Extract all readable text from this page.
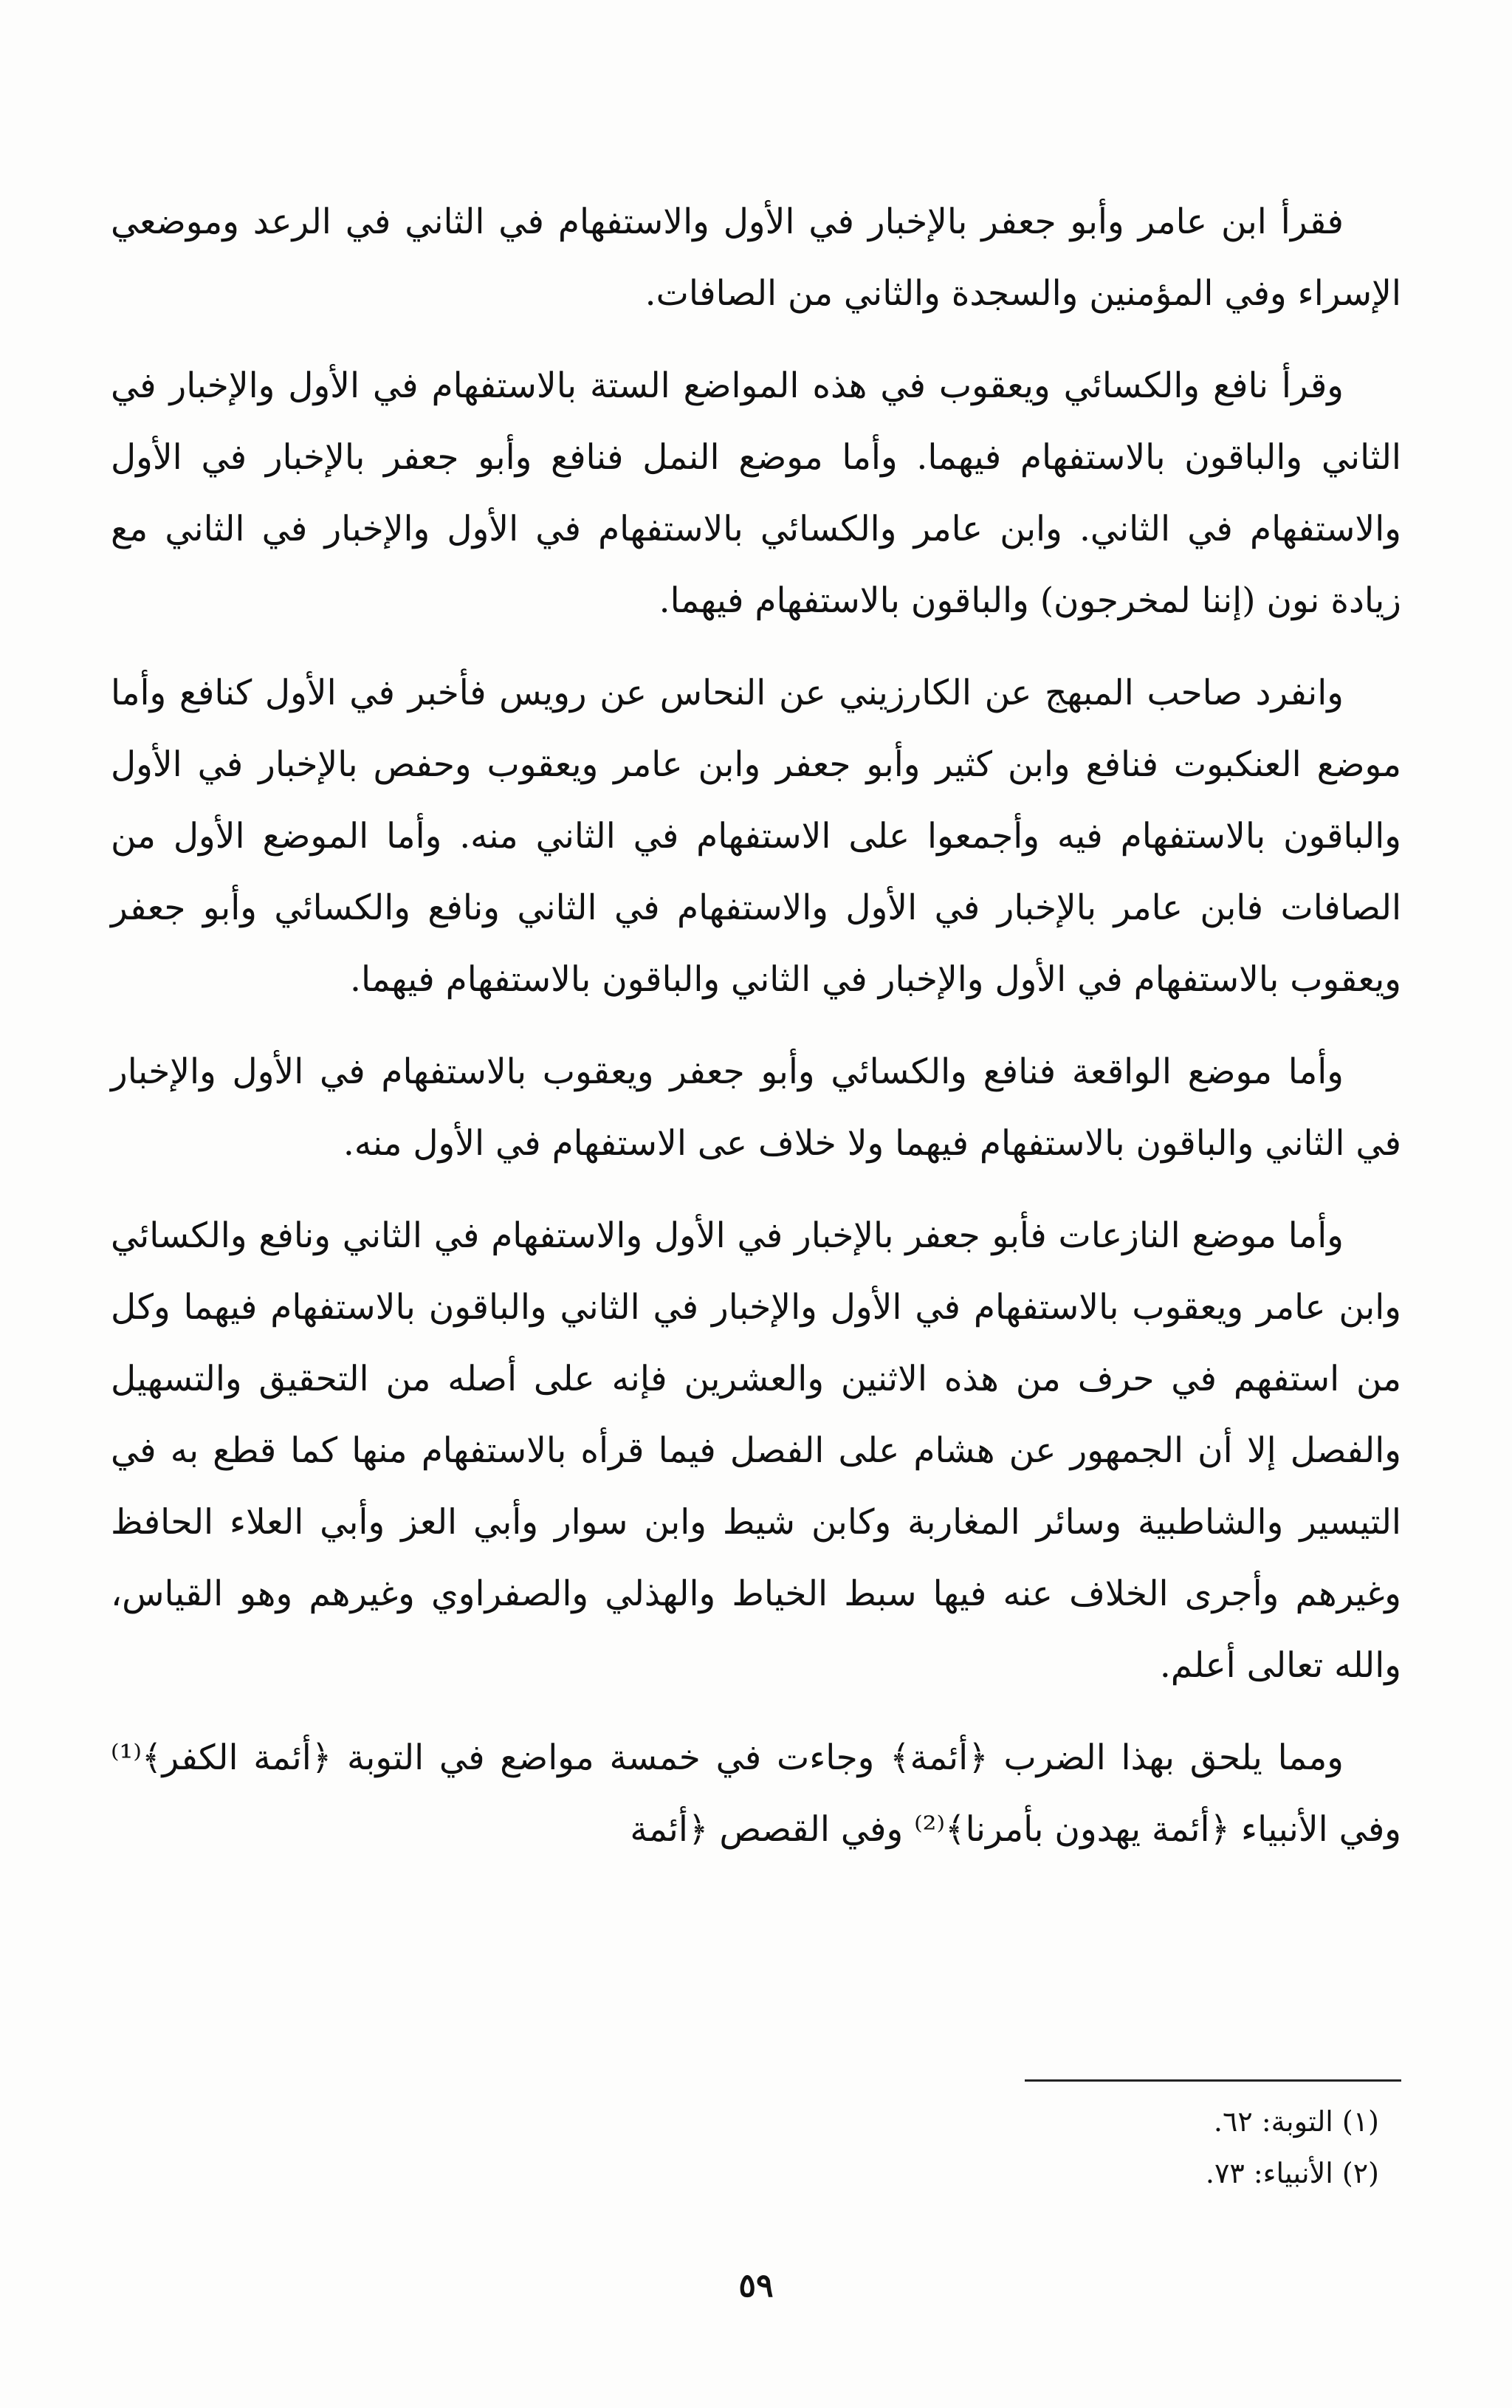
فقرأ ابن عامر وأبو جعفر بالإخبار في الأول والاستفهام في الثاني في الرعد وموضعي الإسراء وفي المؤمنين والسجدة والثاني من الصافات.

وقرأ نافع والكسائي ويعقوب في هذه المواضع الستة بالاستفهام في الأول والإخبار في الثاني والباقون بالاستفهام فيهما. وأما موضع النمل فنافع وأبو جعفر بالإخبار في الأول والاستفهام في الثاني. وابن عامر والكسائي بالاستفهام في الأول والإخبار في الثاني مع زيادة نون (إننا لمخرجون) والباقون بالاستفهام فيهما.

وانفرد صاحب المبهج عن الكارزيني عن النحاس عن رويس فأخبر في الأول كنافع وأما موضع العنكبوت فنافع وابن كثير وأبو جعفر وابن عامر ويعقوب وحفص بالإخبار في الأول والباقون بالاستفهام فيه وأجمعوا على الاستفهام في الثاني منه. وأما الموضع الأول من الصافات فابن عامر بالإخبار في الأول والاستفهام في الثاني ونافع والكسائي وأبو جعفر ويعقوب بالاستفهام في الأول والإخبار في الثاني والباقون بالاستفهام فيهما.

وأما موضع الواقعة فنافع والكسائي وأبو جعفر ويعقوب بالاستفهام في الأول والإخبار في الثاني والباقون بالاستفهام فيهما ولا خلاف عى الاستفهام في الأول منه.

وأما موضع النازعات فأبو جعفر بالإخبار في الأول والاستفهام في الثاني ونافع والكسائي وابن عامر ويعقوب بالاستفهام في الأول والإخبار في الثاني والباقون بالاستفهام فيهما وكل من استفهم في حرف من هذه الاثنين والعشرين فإنه على أصله من التحقيق والتسهيل والفصل إلا أن الجمهور عن هشام على الفصل فيما قرأه بالاستفهام منها كما قطع به في التيسير والشاطبية وسائر المغاربة وكابن شيط وابن سوار وأبي العز وأبي العلاء الحافظ وغيرهم وأجرى الخلاف عنه فيها سبط الخياط والهذلي والصفراوي وغيرهم وهو القياس، والله تعالى أعلم.

ومما يلحق بهذا الضرب ﴿أئمة﴾ وجاءت في خمسة مواضع في التوبة ﴿أئمة الكفر﴾⁽¹⁾ وفي الأنبياء ﴿أئمة يهدون بأمرنا﴾⁽²⁾ وفي القصص ﴿أئمة

(١) التوبة: ٦٢.

(٢) الأنبياء: ٧٣.

٥٩
